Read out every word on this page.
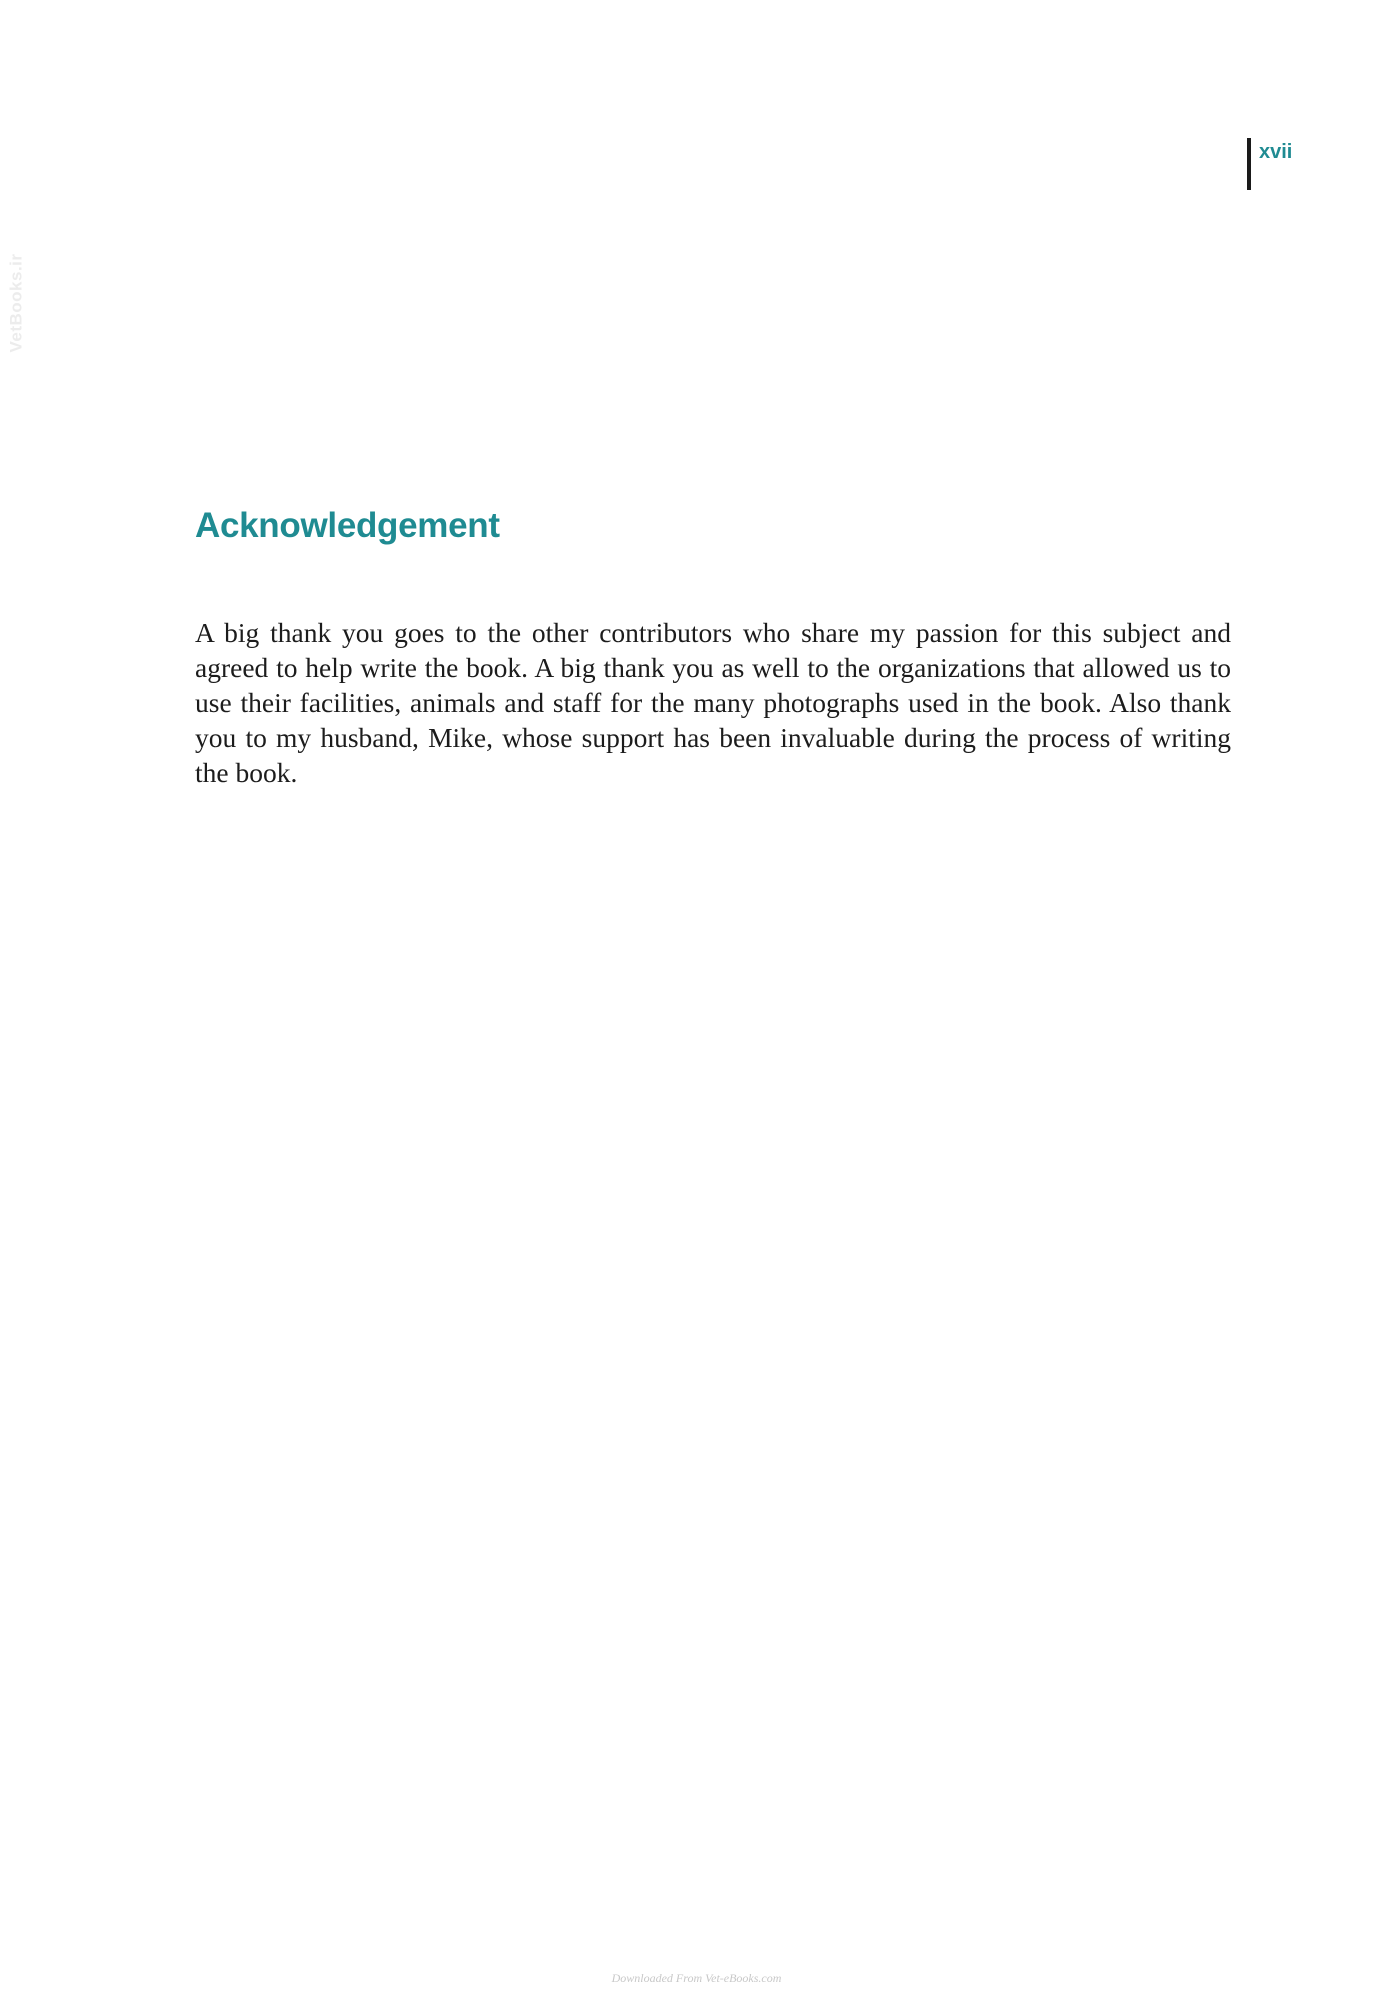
VetBooks.ir
xvii
Acknowledgement

A big thank you goes to the other contributors who share my passion for this subject and agreed to help write the book. A big thank you as well to the organizations that allowed us to use their facilities, animals and staff for the many photographs used in the book. Also thank you to my husband, Mike, whose support has been invaluable during the process of writing the book.

Downloaded From Vet-eBooks.com
